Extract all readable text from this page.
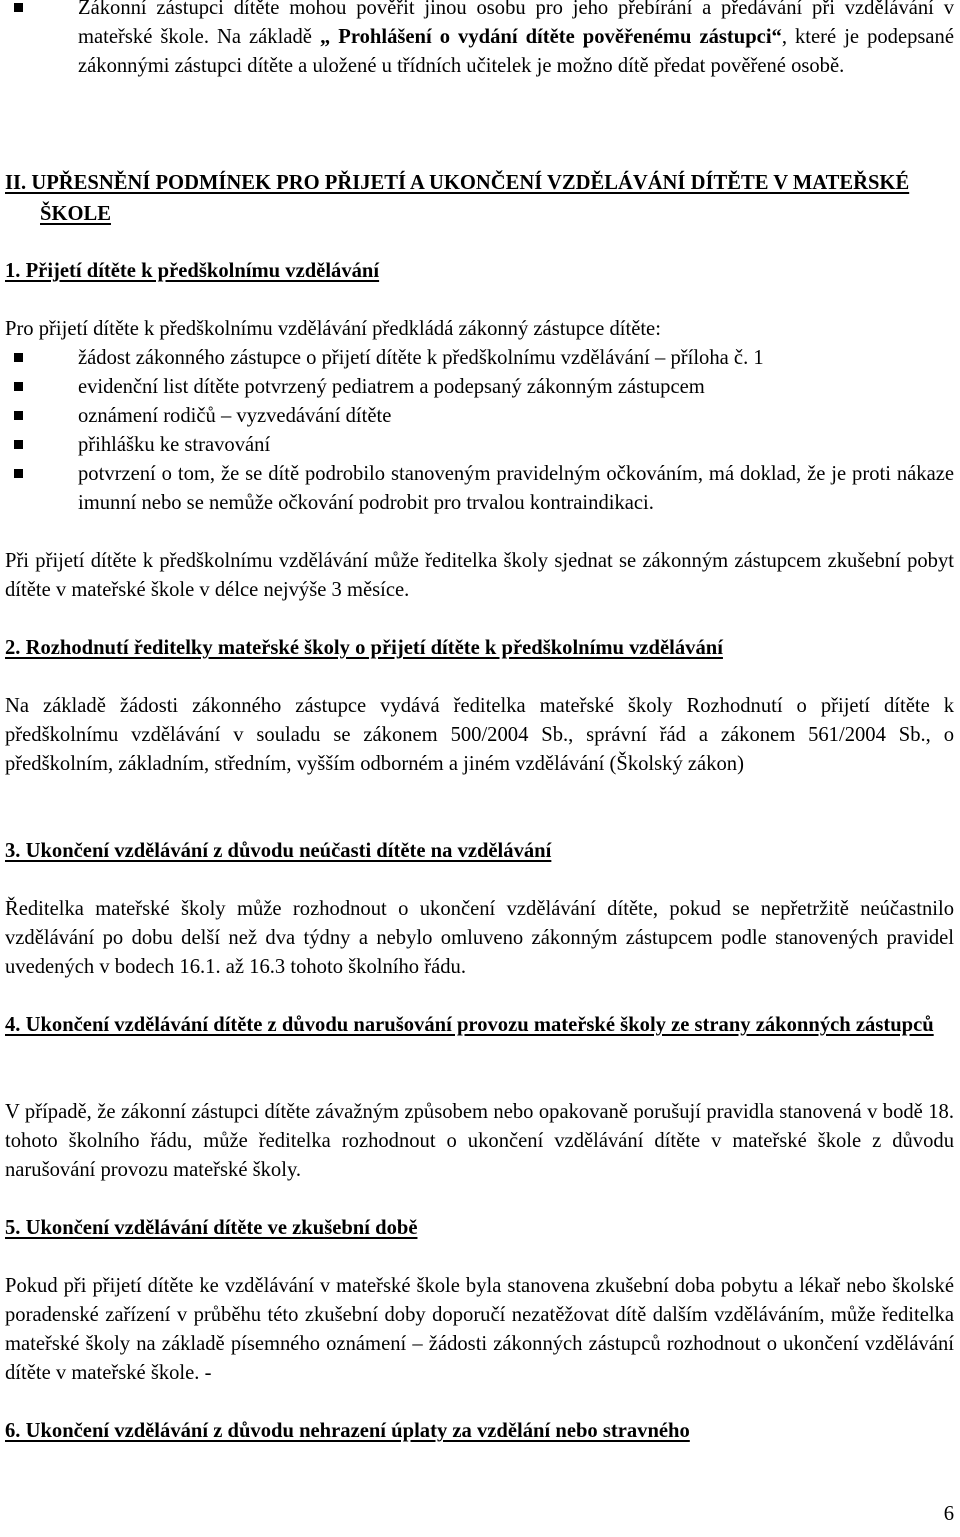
Zákonní zástupci dítěte mohou pověřit jinou osobu pro jeho přebírání a předávání při vzdělávání v mateřské škole. Na základě „ Prohlášení o vydání dítěte pověřenému zástupci“, které je podepsané zákonnými zástupci dítěte a uložené u třídních učitelek je možno dítě předat pověřené osobě.
II. UPŘESNĚNÍ PODMÍNEK PRO PŘIJETÍ A UKONČENÍ VZDĚLÁVÁNÍ DÍTĚTE V MATEŘSKÉ ŠKOLE
1. Přijetí dítěte k předškolnímu vzdělávání
Pro přijetí dítěte k předškolnímu vzdělávání předkládá zákonný zástupce dítěte:
žádost zákonného zástupce o přijetí dítěte k předškolnímu vzdělávání – příloha č. 1
evidenční list dítěte potvrzený pediatrem a podepsaný zákonným zástupcem
oznámení rodičů – vyzvedávání dítěte
přihlášku ke stravování
potvrzení o tom, že se dítě podrobilo stanoveným pravidelným očkováním, má doklad, že je proti nákaze imunní nebo se nemůže očkování podrobit pro trvalou kontraindikaci.
Při přijetí dítěte k předškolnímu vzdělávání může ředitelka školy sjednat se zákonným zástupcem zkušební pobyt dítěte v mateřské škole v délce nejvýše 3 měsíce.
2. Rozhodnutí ředitelky mateřské školy o přijetí dítěte k předškolnímu vzdělávání
Na základě žádosti zákonného zástupce vydává ředitelka mateřské školy Rozhodnutí o přijetí dítěte k předškolnímu vzdělávání v souladu se zákonem 500/2004 Sb., správní řád a zákonem 561/2004 Sb., o předškolním, základním, středním, vyšším odborném a jiném vzdělávání (Školský zákon)
3. Ukončení vzdělávání z důvodu neúčasti dítěte na vzdělávání
Ředitelka mateřské školy může rozhodnout o ukončení vzdělávání dítěte, pokud se nepřetržitě neúčastnilo vzdělávání po dobu delší než dva týdny a nebylo omluveno zákonným zástupcem podle stanovených pravidel uvedených v bodech 16.1. až 16.3 tohoto školního řádu.
4. Ukončení vzdělávání dítěte z důvodu narušování provozu mateřské školy ze strany zákonných zástupců
V případě, že zákonní zástupci dítěte závažným způsobem nebo opakovaně porušují pravidla stanovená v bodě 18. tohoto školního řádu, může ředitelka rozhodnout o ukončení vzdělávání dítěte v mateřské škole z důvodu narušování provozu mateřské školy.
5. Ukončení vzdělávání dítěte ve zkušební době
Pokud při přijetí dítěte ke vzdělávání v mateřské škole byla stanovena zkušební doba pobytu a lékař nebo školské poradenské zařízení v průběhu této zkušební doby doporučí nezatěžovat dítě dalším vzděláváním, může ředitelka mateřské školy na základě písemného oznámení – žádosti zákonných zástupců rozhodnout o ukončení vzdělávání dítěte v mateřské škole. -
6. Ukončení vzdělávání z důvodu nehrazení úplaty za vzdělání nebo stravného
6
